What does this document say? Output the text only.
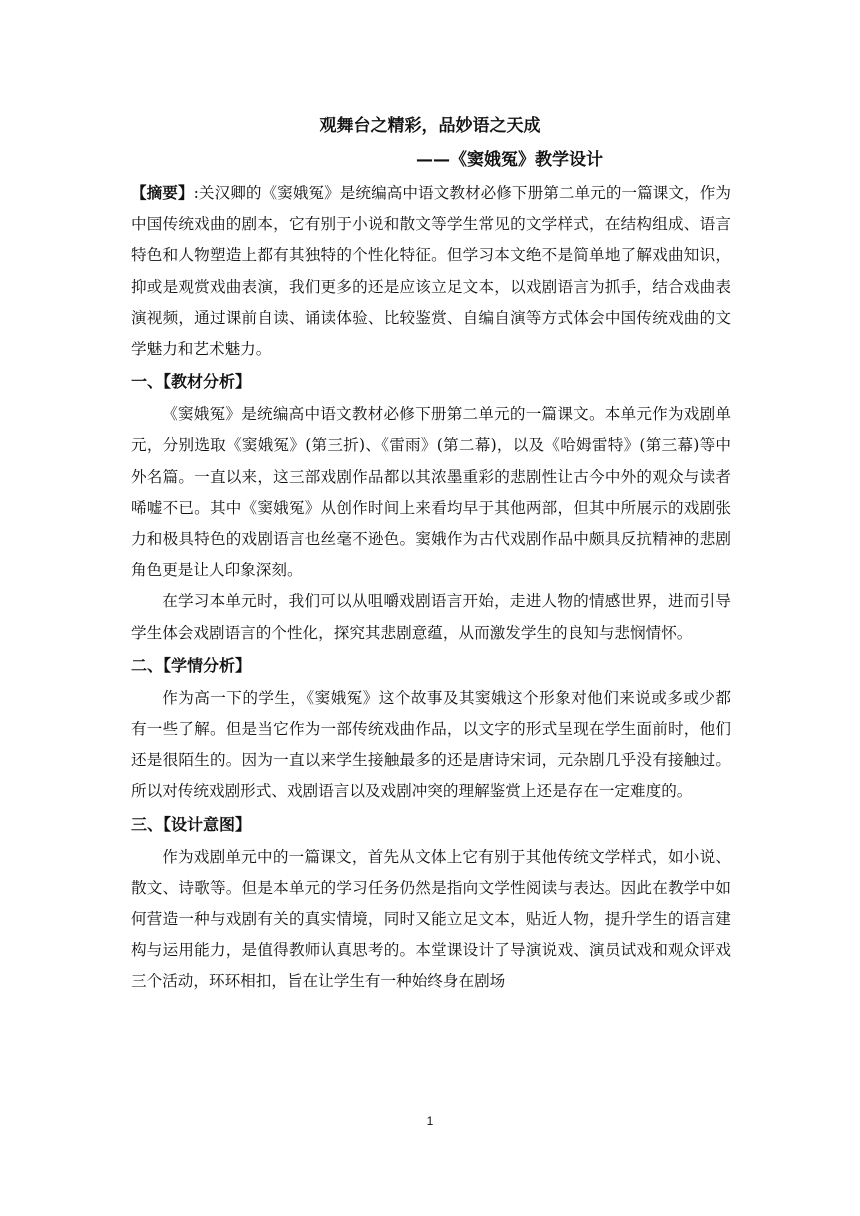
观舞台之精彩，品妙语之天成
——《窦娥冤》教学设计

【摘要】:关汉卿的《窦娥冤》是统编高中语文教材必修下册第二单元的一篇课文，作为中国传统戏曲的剧本，它有别于小说和散文等学生常见的文学样式，在结构组成、语言特色和人物塑造上都有其独特的个性化特征。但学习本文绝不是简单地了解戏曲知识，抑或是观赏戏曲表演，我们更多的还是应该立足文本，以戏剧语言为抓手，结合戏曲表演视频，通过课前自读、诵读体验、比较鉴赏、自编自演等方式体会中国传统戏曲的文学魅力和艺术魅力。

一、【教材分析】

《窦娥冤》是统编高中语文教材必修下册第二单元的一篇课文。本单元作为戏剧单元，分别选取《窦娥冤》(第三折)、《雷雨》(第二幕)，以及《哈姆雷特》(第三幕)等中外名篇。一直以来，这三部戏剧作品都以其浓墨重彩的悲剧性让古今中外的观众与读者唏嘘不已。其中《窦娥冤》从创作时间上来看均早于其他两部，但其中所展示的戏剧张力和极具特色的戏剧语言也丝毫不逊色。窦娥作为古代戏剧作品中颇具反抗精神的悲剧角色更是让人印象深刻。

在学习本单元时，我们可以从咀嚼戏剧语言开始，走进人物的情感世界，进而引导学生体会戏剧语言的个性化，探究其悲剧意蕴，从而激发学生的良知与悲悯情怀。

二、【学情分析】

作为高一下的学生，《窦娥冤》这个故事及其窦娥这个形象对他们来说或多或少都有一些了解。但是当它作为一部传统戏曲作品，以文字的形式呈现在学生面前时，他们还是很陌生的。因为一直以来学生接触最多的还是唐诗宋词，元杂剧几乎没有接触过。所以对传统戏剧形式、戏剧语言以及戏剧冲突的理解鉴赏上还是存在一定难度的。

三、【设计意图】

作为戏剧单元中的一篇课文，首先从文体上它有别于其他传统文学样式，如小说、散文、诗歌等。但是本单元的学习任务仍然是指向文学性阅读与表达。因此在教学中如何营造一种与戏剧有关的真实情境，同时又能立足文本，贴近人物，提升学生的语言建构与运用能力，是值得教师认真思考的。本堂课设计了导演说戏、演员试戏和观众评戏三个活动，环环相扣，旨在让学生有一种始终身在剧场

1
